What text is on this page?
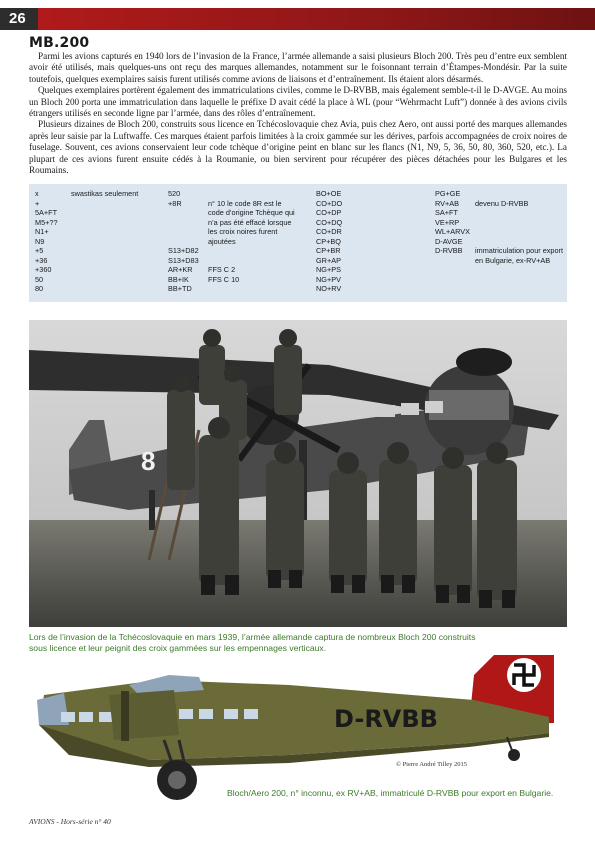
26
MB.200

Parmi les avions capturés en 1940 lors de l’invasion de la France, l’armée allemande a saisi plusieurs Bloch 200. Très peu d’entre eux semblent avoir été utilisés, mais quelques-uns ont reçu des marques allemandes, notamment sur le foisonnant terrain d’Étampes-Mondésir. Par la suite toutefois, quelques exemplaires saisis furent utilisés comme avions de liaisons et d’entraînement. Ils étaient alors désarmés.

Quelques exemplaires portèrent également des immatriculations civiles, comme le D-RVBB, mais également semble-t-il le D-AVGE. Au moins un Bloch 200 porta une immatriculation dans laquelle le préfixe D avait cédé la place à WL (pour “Wehrmacht Luft”) donnée à des avions civils étrangers utilisés en seconde ligne par l’armée, dans des rôles d’entraînement.

Plusieurs dizaines de Bloch 200, construits sous licence en Tchécoslovaquie chez Avia, puis chez Aero, ont aussi porté des marques allemandes après leur saisie par la Luftwaffe. Ces marques étaient parfois limitées à la croix gammée sur les dérives, parfois accompagnées de croix noires de fuselage. Souvent, ces avions conservaient leur code tchèque d’origine peint en blanc sur les flancs (N1, N9, 5, 36, 50, 80, 360, 520, etc.). La plupart de ces avions furent ensuite cédés à la Roumanie, ou bien servirent pour récupérer des pièces détachées pour les Bulgares et les Roumains.

x
+
5A+FT
M5+??
N1+
N9
+5
+36
+360
50
80
swastikas seulement	520
+8R
S13+D82
S13+D83
AR+KR
BB+IK
BB+TD
n° 10 le code 8R est le
code d’origine Tchèque qui
n’a pas été effacé lorsque
les croix noires furent
ajoutées
FFS C 2
FFS C 10
BO+OE
CO+DO
CO+DP
CO+DQ
CO+DR
CP+BQ
CP+BR
GR+AP
NG+PS
NG+PV
NO+RV
PG+GE
RV+AB
SA+FT
VE+RP
WL+ARVX
D-AVGE
D-RVBB
devenu D-RVBB
immatriculation pour export
en Bulgarie, ex-RV+AB
8
Lors de l’invasion de la Tchécoslovaquie en mars 1939, l’armée allemande captura de nombreux Bloch 200 construits sous licence et leur peignit des croix gammées sur les empennages verticaux.
D-RVBB
© Pierre André Tilley 2015
Bloch/Aero 200, n° inconnu, ex RV+AB, immatriculé D-RVBB pour export en Bulgarie.
AVIONS - Hors-série n° 40
